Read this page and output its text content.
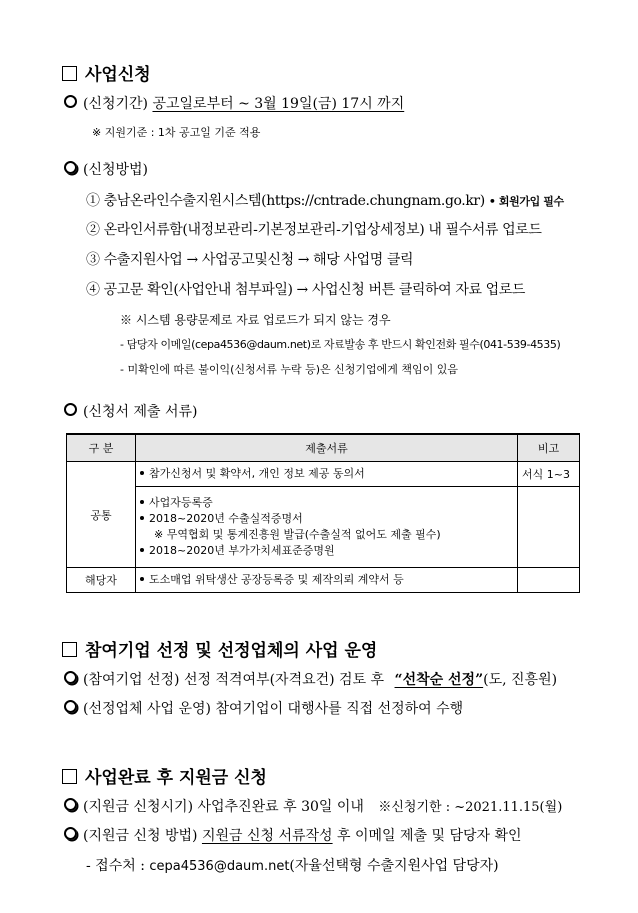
사업신청
(신청기간) 공고일로부터 ~ 3월 19일(금) 17시 까지
※ 지원기준 : 1차 공고일 기준 적용
(신청방법)
① 충남온라인수출지원시스템(https://cntrade.chungnam.go.kr) • 회원가입 필수
② 온라인서류함(내정보관리-기본정보관리-기업상세정보) 내 필수서류 업로드
③ 수출지원사업 → 사업공고및신청 → 해당 사업명 클릭
④ 공고문 확인(사업안내 첨부파일) → 사업신청 버튼 클릭하여 자료 업로드
※ 시스템 용량문제로 자료 업로드가 되지 않는 경우
- 담당자 이메일(cepa4536@daum.net)로 자료발송 후 반드시 확인전화 필수(041-539-4535)
- 미확인에 따른 불이익(신청서류 누락 등)은 신청기업에게 책임이 있음
(신청서 제출 서류)
구 분	제출서류	비고
공통	참가신청서 및 확약서, 개인 정보 제공 동의서	서식 1~3

	사업자등록증
2018~2020년 수출실적증명서
※ 무역협회 및 통계진흥원 발급(수출실적 없어도 제출 필수)
2018~2020년 부가가치세표준증명원	

해당자	도소매업 위탁생산 공장등록증 및 제작의뢰 계약서 등	

참여기업 선정 및 선정업체의 사업 운영
(참여기업 선정) 선정 적격여부(자격요건) 검토 후 “선착순 선정”(도, 진흥원)
(선정업체 사업 운영) 참여기업이 대행사를 직접 선정하여 수행
사업완료 후 지원금 신청
(지원금 신청시기) 사업추진완료 후 30일 이내 ※신청기한 : ~2021.11.15(월)
(지원금 신청 방법) 지원금 신청 서류작성 후 이메일 제출 및 담당자 확인
- 접수처 : cepa4536@daum.net(자율선택형 수출지원사업 담당자)
